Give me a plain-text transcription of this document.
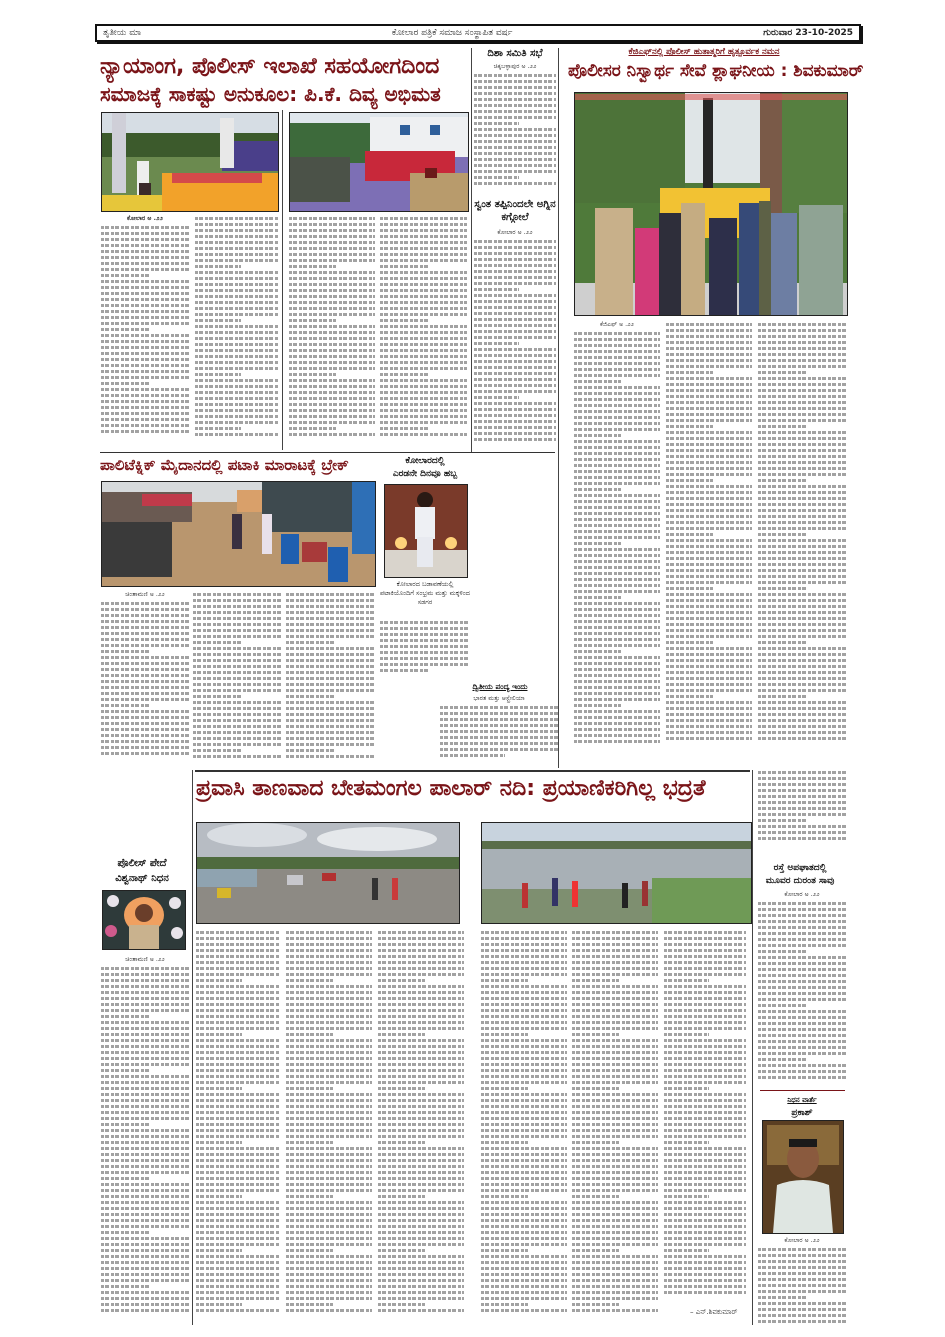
ತೃತೀಯ ಮಾ	ಕೋಲಾರ ಪತ್ರಿಕೆ ಸಮಾಜ ಸಂಸ್ಥಾಪಿತ ವರ್ಷ	ಗುರುವಾರ 23-10-2025
ನ್ಯಾಯಾಂಗ, ಪೊಲೀಸ್ ಇಲಾಖೆ ಸಹಯೋಗದಿಂದ
ಸಮಾಜಕ್ಕೆ ಸಾಕಷ್ಟು ಅನುಕೂಲ: ಪಿ.ಕೆ. ದಿವ್ಯ ಅಭಿಮತ
ಕೋಲಾರ ಅ .೨೨
ದಿಶಾ ಸಮಿತಿ ಸಭೆ
ಚಿಕ್ಕಬಳ್ಳಾಪುರ ಅ .೨೨
ಸ್ವಂತ ತಪ್ಪಿನಿಂದಲೇ ಅಗ್ನಿನ ಕಗ್ಗೋಲೆ
ಕೋಲಾರ ಅ .೨೨
ಕೆಜಿಎಫ್‌ನಲ್ಲಿ ಪೊಲೀಸ್ ಹುತಾತ್ಮರಿಗೆ ಹೃತ್ಪೂರ್ವಕ ನಮನ
ಪೊಲೀಸರ ನಿಸ್ವಾರ್ಥ ಸೇವೆ ಶ್ಲಾಘನೀಯ : ಶಿವಕುಮಾರ್
ಕೆಜಿಎಫ್ ಅ .೨೨
ಪಾಲಿಟೆಕ್ನಿಕ್ ಮೈದಾನದಲ್ಲಿ ಪಟಾಕಿ ಮಾರಾಟಕ್ಕೆ ಬ್ರೇಕ್
ಚಿಂತಾಮಣಿ ಅ .೨೨
ಕೋಲಾರದಲ್ಲಿ
ಎರಡನೇ ದಿನವೂ ಹಬ್ಬ
ಕೋಲಾರದ ಬಡಾವಣೆಯಲ್ಲಿ ಪಟಾಕಿಯೊಂದಿಗೆ ಸಂಭ್ರಮ ಮತ್ತು ಮಕ್ಕಳಿಂದ ಸಡಗರ
ದ್ವಿತೀಯ ಪಂದ್ಯ ಇಂದು
ಭಾರತ ಮತ್ತು ಆಸ್ಟ್ರೇಲಿಯಾ
ಪ್ರವಾಸಿ ತಾಣವಾದ ಬೇತಮಂಗಲ ಪಾಲಾರ್ ನದಿ: ಪ್ರಯಾಣಿಕರಿಗಿಲ್ಲ ಭದ್ರತೆ
– ಎನ್.ಶಿವಕುಮಾರ್
ಪೊಲೀಸ್ ಪೇದೆ
ವಿಶ್ವನಾಥ್ ನಿಧನ
ಚಿಂತಾಮಣಿ ಅ .೨೨
ರಸ್ತೆ ಅಪಘಾತದಲ್ಲಿ
ಮೂವರ ದುರಂತ ಸಾವು
ಕೋಲಾರ ಅ .೨೨
ನಿಧನ ವಾರ್ತೆ
ಪ್ರಕಾಶ್
ಕೋಲಾರ ಅ .೨೨
